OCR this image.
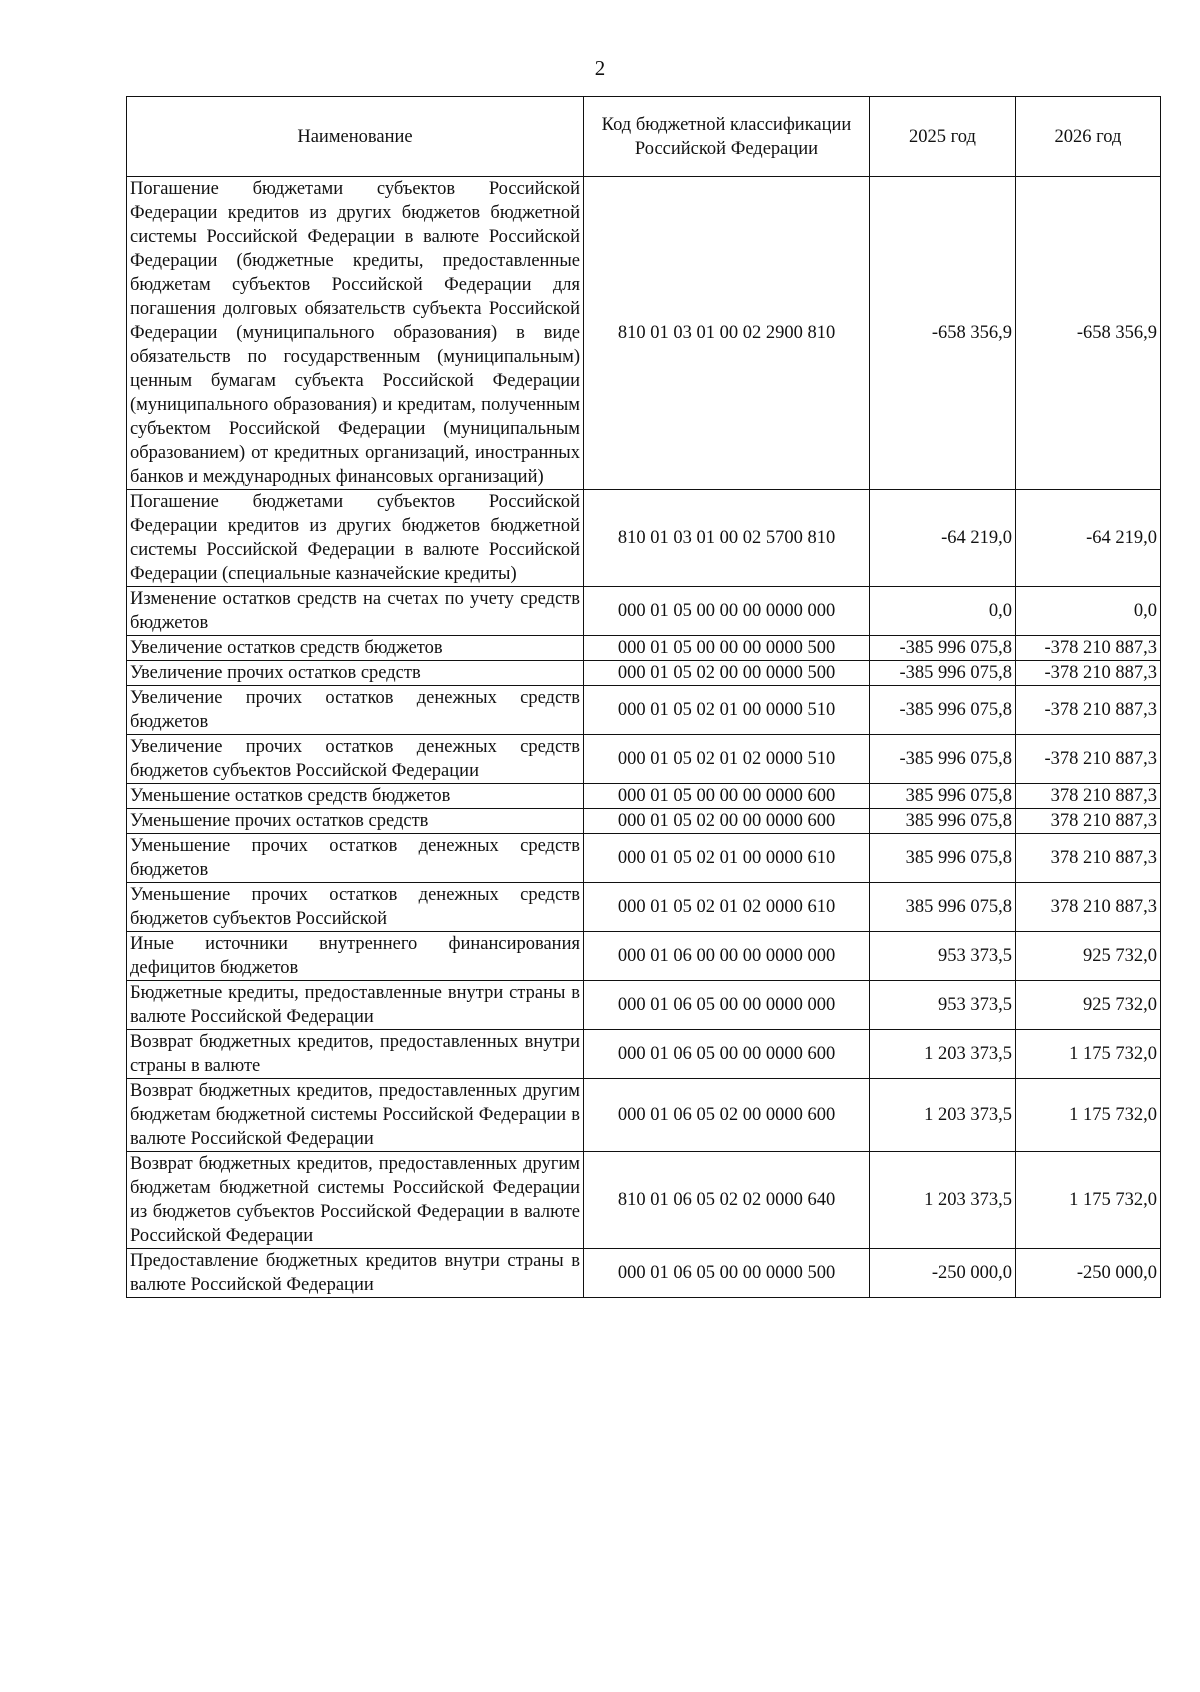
2
Наименование	Код бюджетной классификации Российской Федерации	2025 год	2026 год
Погашение бюджетами субъектов Российской Федерации кредитов из других бюджетов бюджетной системы Российской Федерации в валюте Российской Федерации (бюджетные кредиты, предоставленные бюджетам субъектов Российской Федерации для погашения долговых обязательств субъекта Российской Федерации (муниципального образования) в виде обязательств по государственным (муниципальным) ценным бумагам субъекта Российской Федерации (муниципального образования) и кредитам, полученным субъектом Российской Федерации (муниципальным образованием) от кредитных организаций, иностранных банков и международных финансовых организаций)	810 01 03 01 00 02 2900 810	-658 356,9	-658 356,9
Погашение бюджетами субъектов Российской Федерации кредитов из других бюджетов бюджетной системы Российской Федерации в валюте Российской Федерации (специальные казначейские кредиты)	810 01 03 01 00 02 5700 810	-64 219,0	-64 219,0
Изменение остатков средств на счетах по учету средств бюджетов	000 01 05 00 00 00 0000 000	0,0	0,0
Увеличение остатков средств бюджетов	000 01 05 00 00 00 0000 500	-385 996 075,8	-378 210 887,3
Увеличение прочих остатков средств	000 01 05 02 00 00 0000 500	-385 996 075,8	-378 210 887,3
Увеличение прочих остатков денежных средств бюджетов	000 01 05 02 01 00 0000 510	-385 996 075,8	-378 210 887,3
Увеличение прочих остатков денежных средств бюджетов субъектов Российской Федерации	000 01 05 02 01 02 0000 510	-385 996 075,8	-378 210 887,3
Уменьшение остатков средств бюджетов	000 01 05 00 00 00 0000 600	385 996 075,8	378 210 887,3
Уменьшение прочих остатков средств	000 01 05 02 00 00 0000 600	385 996 075,8	378 210 887,3
Уменьшение прочих остатков денежных средств бюджетов	000 01 05 02 01 00 0000 610	385 996 075,8	378 210 887,3
Уменьшение прочих остатков денежных средств бюджетов субъектов Российской	000 01 05 02 01 02 0000 610	385 996 075,8	378 210 887,3
Иные источники внутреннего финансирования дефицитов бюджетов	000 01 06 00 00 00 0000 000	953 373,5	925 732,0
Бюджетные кредиты, предоставленные внутри страны в валюте Российской Федерации	000 01 06 05 00 00 0000 000	953 373,5	925 732,0
Возврат бюджетных кредитов, предоставленных внутри страны в валюте	000 01 06 05 00 00 0000 600	1 203 373,5	1 175 732,0
Возврат бюджетных кредитов, предоставленных другим бюджетам бюджетной системы Российской Федерации в валюте Российской Федерации	000 01 06 05 02 00 0000 600	1 203 373,5	1 175 732,0
Возврат бюджетных кредитов, предоставленных другим бюджетам бюджетной системы Российской Федерации из бюджетов субъектов Российской Федерации в валюте Российской Федерации	810 01 06 05 02 02 0000 640	1 203 373,5	1 175 732,0
Предоставление бюджетных кредитов внутри страны в валюте Российской Федерации	000 01 06 05 00 00 0000 500	-250 000,0	-250 000,0
